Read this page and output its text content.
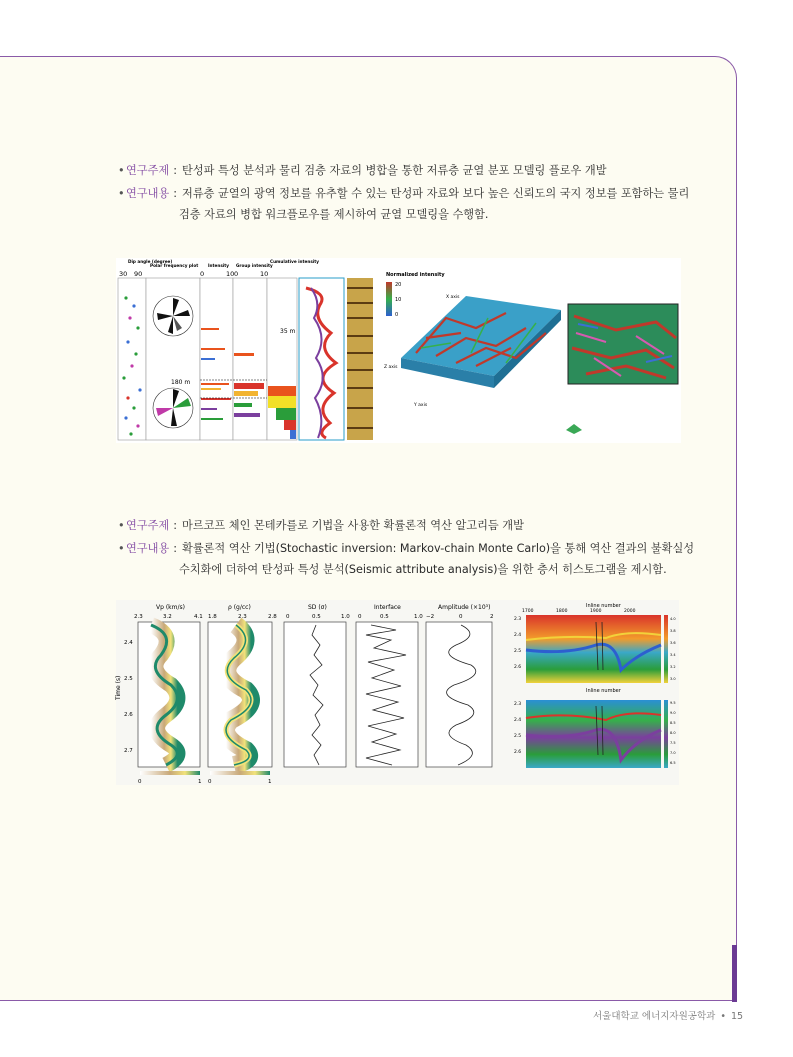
• 연구주제 : 탄성파 특성 분석과 물리 검층 자료의 병합을 통한 저류층 균열 분포 모델링 플로우 개발
• 연구내용 : 저류층 균열의 광역 정보를 유추할 수 있는 탄성파 자료와 보다 높은 신뢰도의 국지 정보를 포함하는 물리
검층 자료의 병합 워크플로우를 제시하여 균열 모델링을 수행함.
Dip angle (degree)
Polar frequency plot Intensity Group intensity
Cumulative intensity
30 90	0	10 0	10
180 m
35 m
Normalized intensity
20
10
0
X axis
Y axis
Z axis
• 연구주제 : 마르코프 체인 몬테카를로 기법을 사용한 확률론적 역산 알고리듬 개발
• 연구내용 : 확률론적 역산 기법(Stochastic inversion: Markov-chain Monte Carlo)을 통해 역산 결과의 불확실성
수치화에 더하여 탄성파 특성 분석(Seismic attribute analysis)을 위한 층서 히스토그램을 제시함.
Vp (km/s)	ρ (g/cc)	SD (σ)	Interface	Amplitude (×10³)
2.3	3.2	4.1 1.8	2.3	2.8 0	0.5	1.0 0	0.5	1.0 −2	0	2
Time (s)
2.4
2.5
2.6
2.7
0	1 0	1
Inline number
1700	1800	1900	2000
2.3
2.4
2.5
2.6
4.0
3.8
3.6
3.4
3.2
3.0
Inline number
2.3
2.4
2.5
2.6
9.5
9.0
8.5
8.0
7.5
7.0
6.5
서울대학교 에너지자원공학과 • 15
